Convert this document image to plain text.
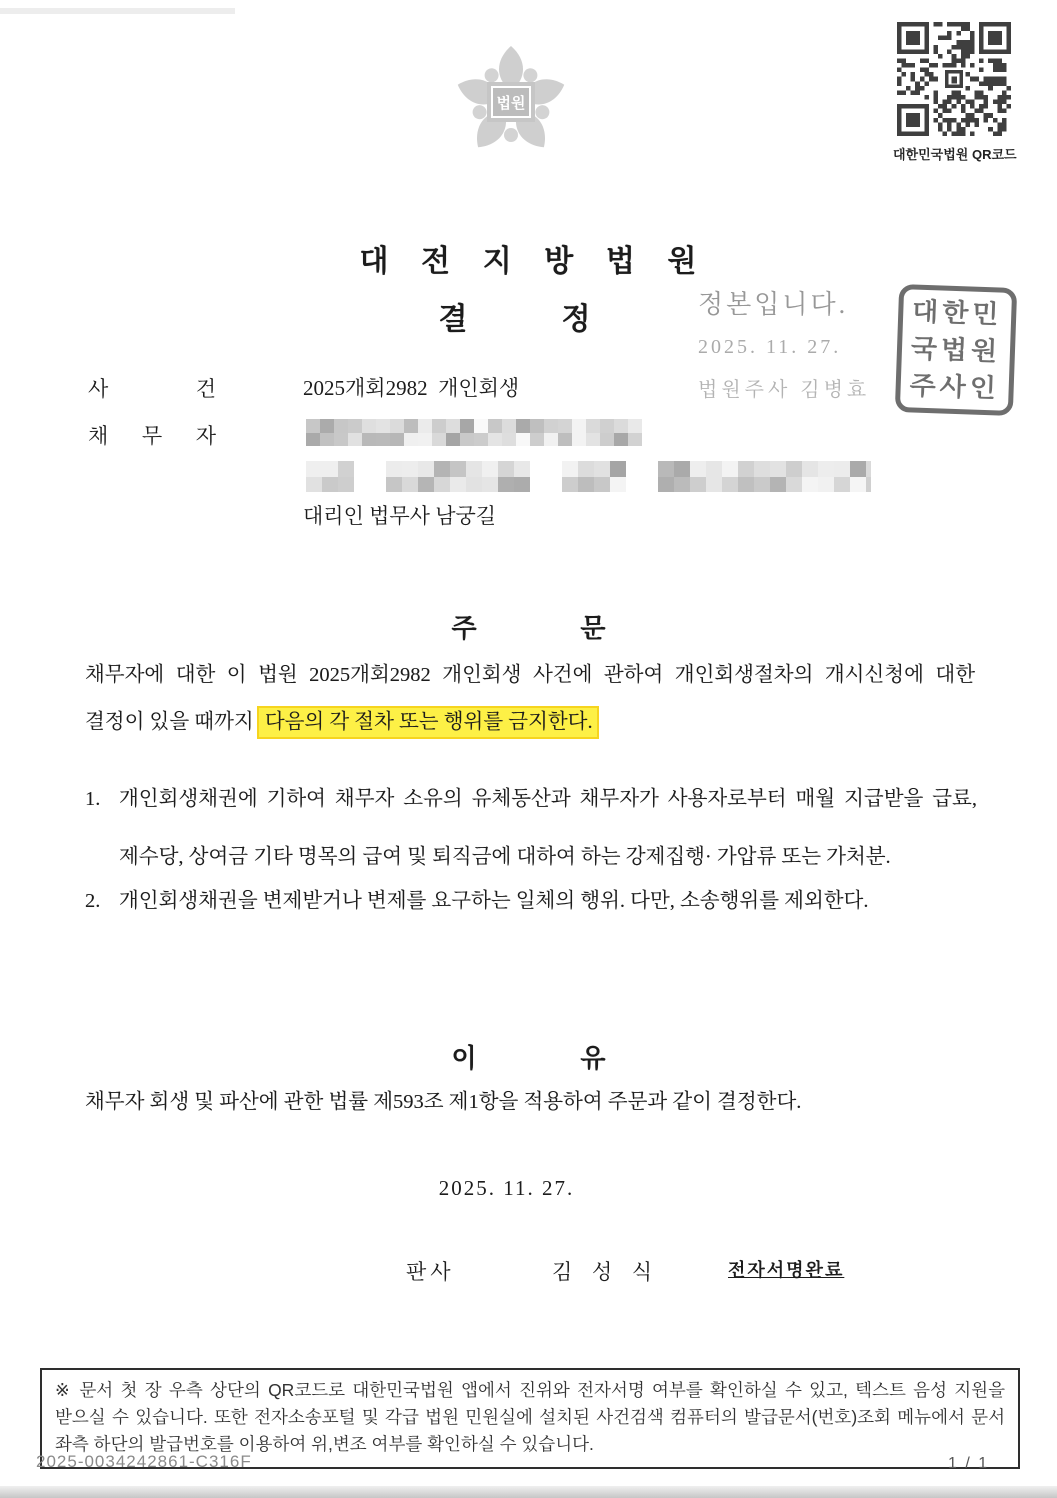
법원
대한민국법원 QR코드
대 전 지 방 법 원
결 정	정본입니다.
2025. 11. 27.
법원주사 김병효
대한민
국법원
주사인
사 건	2025개회2982  개인회생
채 무 자
대리인 법무사 남궁길
주 문
채무자에 대한 이 법원 2025개회2982 개인회생 사건에 관하여 개인회생절차의 개시신청에 대한 결정이 있을 때까지 다음의 각 절차 또는 행위를 금지한다.
1. 개인회생채권에 기하여 채무자 소유의 유체동산과 채무자가 사용자로부터 매월 지급받을 급료, 제수당, 상여금 기타 명목의 급여 및 퇴직금에 대하여 하는 강제집행· 가압류 또는 가처분.
2. 개인회생채권을 변제받거나 변제를 요구하는 일체의 행위. 다만, 소송행위를 제외한다.
이 유
채무자 회생 및 파산에 관한 법률 제593조 제1항을 적용하여 주문과 같이 결정한다.
2025. 11. 27.
판사	김 성 식	전자서명완료
※ 문서 첫 장 우측 상단의 QR코드로 대한민국법원 앱에서 진위와 전자서명 여부를 확인하실 수 있고, 텍스트 음성 지원을 받으실 수 있습니다. 또한 전자소송포털 및 각급 법원 민원실에 설치된 사건검색 컴퓨터의 발급문서(번호)조회 메뉴에서 문서 좌측 하단의 발급번호를 이용하여 위,변조 여부를 확인하실 수 있습니다.
2025-0034242861-C316F	1 / 1
